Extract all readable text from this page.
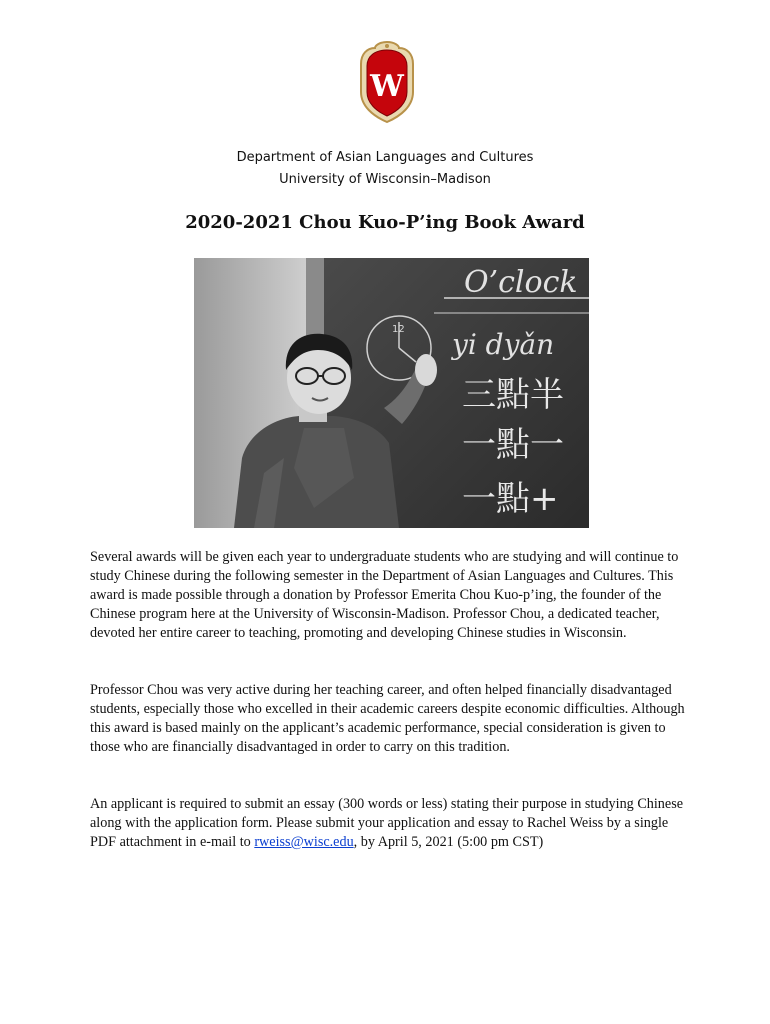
W
Department of Asian Languages and Cultures
University of Wisconsin–Madison
2020-2021 Chou Kuo-P’ing Book Award
12
O’clock
yi dyǎn
三點半
一點一
一點+

Several awards will be given each year to undergraduate students who are studying and will continue to study Chinese during the following semester in the Department of Asian Languages and Cultures. This award is made possible through a donation by Professor Emerita Chou Kuo-p’ing, the founder of the Chinese program here at the University of Wisconsin-Madison. Professor Chou, a dedicated teacher, devoted her entire career to teaching, promoting and developing Chinese studies in Wisconsin.

Professor Chou was very active during her teaching career, and often helped financially disadvantaged students, especially those who excelled in their academic careers despite economic difficulties. Although this award is based mainly on the applicant’s academic performance, special consideration is given to those who are financially disadvantaged in order to carry on this tradition.

An applicant is required to submit an essay (300 words or less) stating their purpose in studying Chinese along with the application form. Please submit your application and essay to Rachel Weiss by a single PDF attachment in e-mail to rweiss@wisc.edu, by April 5, 2021 (5:00 pm CST)
